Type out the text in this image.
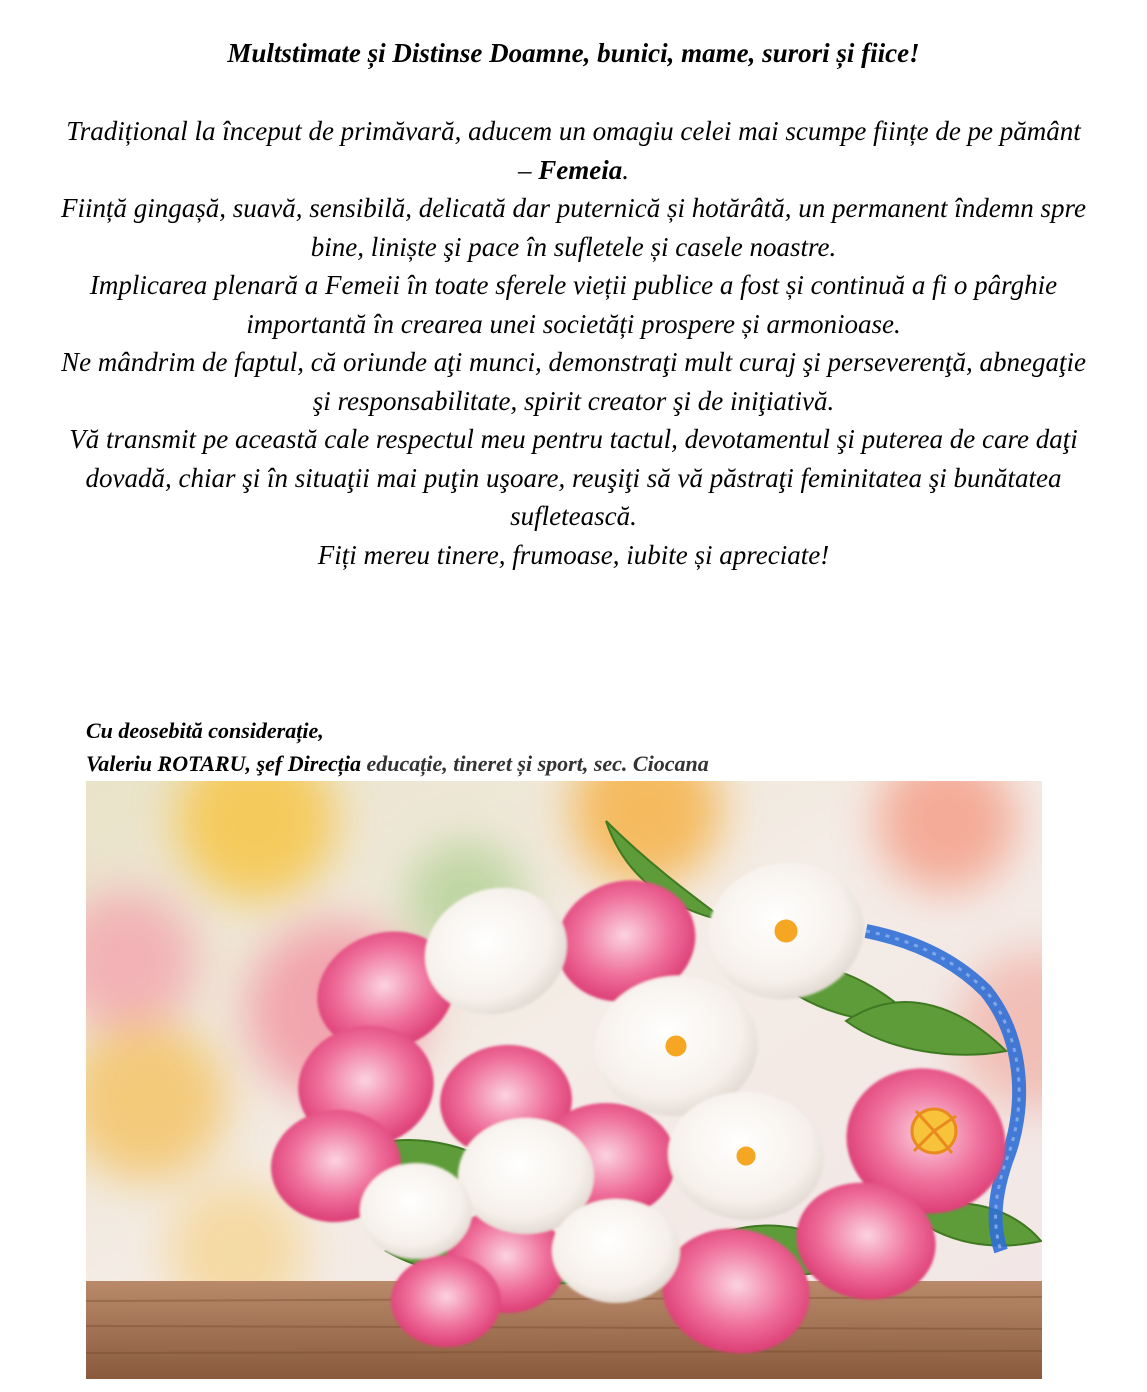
Multstimate și Distinse Doamne, bunici, mame, surori și fiice!

Tradițional la început de primăvară, aducem un omagiu celei mai scumpe ființe de pe pământ – Femeia.

Ființă gingașă, suavă, sensibilă, delicată dar puternică și hotărâtă, un permanent îndemn spre bine, liniște şi pace în sufletele și casele noastre.

Implicarea plenară a Femeii în toate sferele vieții publice a fost și continuă a fi o pârghie importantă în crearea unei societăți prospere și armonioase.

Ne mândrim de faptul, că oriunde aţi munci, demonstraţi mult curaj şi perseverenţă, abnegaţie şi responsabilitate, spirit creator şi de iniţiativă.

Vă transmit pe această cale respectul meu pentru tactul, devotamentul şi puterea de care daţi dovadă, chiar şi în situaţii mai puţin uşoare, reuşiţi să vă păstraţi feminitatea şi bunătatea sufletească.

Fiți mereu tinere, frumoase, iubite și apreciate!

Cu deosebită considerație,
Valeriu ROTARU, şef Direcția educație, tineret și sport, sec. Ciocana
